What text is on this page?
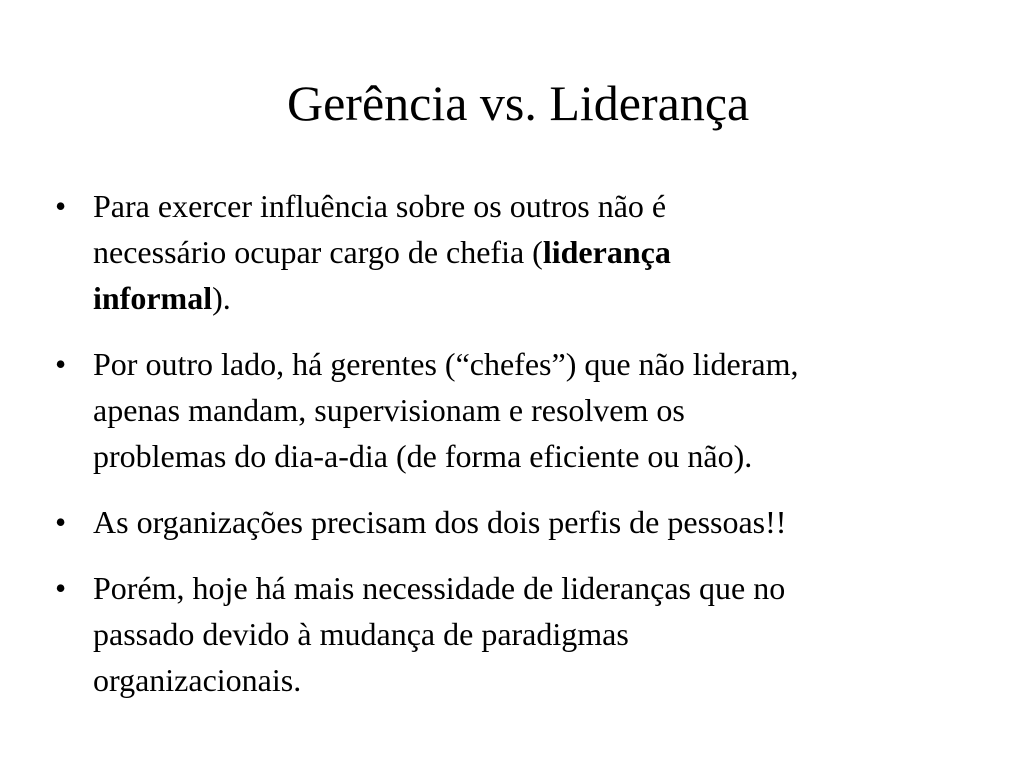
Gerência vs. Liderança
• Para exercer influência sobre os outros não é
necessário ocupar cargo de chefia (liderança
informal).
• Por outro lado, há gerentes (“chefes”) que não lideram,
apenas mandam, supervisionam e resolvem os
problemas do dia-a-dia (de forma eficiente ou não).
• As organizações precisam dos dois perfis de pessoas!!
• Porém, hoje há mais necessidade de lideranças que no
passado devido à mudança de paradigmas
organizacionais.
